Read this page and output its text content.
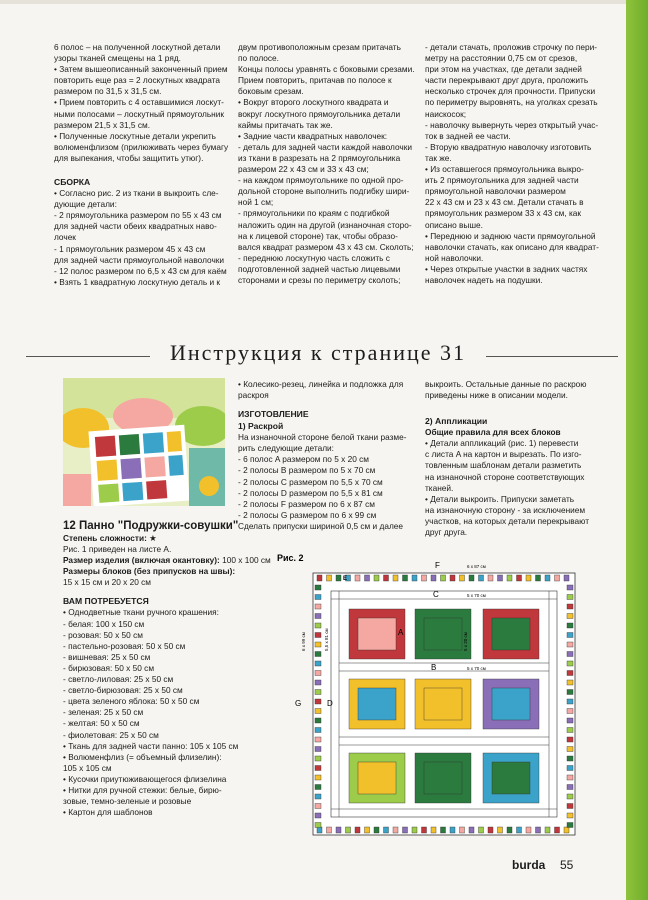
6 полос – на полученной лоскутной детали

узоры тканей смещены на 1 ряд.

• Затем вышеописанный законченный прием

повторить еще раз = 2 лоскутных квадрата

размером по 31,5 x 31,5 см.

• Прием повторить с 4 оставшимися лоскут-

ными полосами – лоскутный прямоугольник

размером 21,5 x 31,5 см.

• Полученные лоскутные детали укрепить

волюменфлизом (прилюживать через бумагу

для выпекания, чтобы защитить утюг).

СБОРКА

• Согласно рис. 2 из ткани в выкроить сле-

дующие детали:

- 2 прямоугольника размером по 55 x 43 см

для задней части обеих квадратных наво-

лочек

- 1 прямоугольник размером 45 x 43 см

для задней части прямоугольной наволочки

- 12 полос размером по 6,5 x 43 см для каём

• Взять 1 квадратную лоскутную деталь и к

двум противоположным срезам притачать

по полосе.

Концы полосы уравнять с боковыми срезами.

Прием повторить, притачав по полосе к

боковым срезам.

• Вокруг второго лоскутного квадрата и

вокруг лоскутного прямоугольника детали

каймы притачать так же.

• Задние части квадратных наволочек:

- деталь для задней части каждой наволочки

из ткани в разрезать на 2 прямоугольника

размером 22 x 43 см и 33 x 43 см;

- на каждом прямоугольнике по одной про-

дольной стороне выполнить подгибку шири-

ной 1 см;

- прямоугольники по краям с подгибкой

наложить один на другой (изнаночная сторо-

на к лицевой стороне) так, чтобы образо-

вался квадрат размером 43 x 43 см. Сколоть;

- переднюю лоскутную часть сложить с

подготовленной задней частью лицевыми

сторонами и срезы по периметру сколоть;

- детали стачать, проложив строчку по пери-

метру на расстоянии 0,75 см от срезов,

при этом на участках, где детали задней

части перекрывают друг друга, проложить

несколько строчек для прочности. Припуски

по периметру выровнять, на уголках срезать

наискосок;

- наволочку вывернуть через открытый учас-

ток в задней ее части.

- Вторую квадратную наволочку изготовить

так же.

• Из оставшегося прямоугольника выкро-

ить 2 прямоугольника для задней части

прямоугольной наволочки размером

22 x 43 см и 23 x 43 см. Детали стачать в

прямоугольник размером 33 x 43 см, как

описано выше.

• Переднюю и заднюю части прямоугольной

наволочки стачать, как описано для квадрат-

ной наволочки.

• Через открытые участки в задних частях

наволочек надеть на подушки.

Инструкция к странице 31

12 Панно "Подружки-совушки"

Степень сложности: ★

Рис. 1 приведен на листе А.

Размер изделия (включая окантовку): 100 x 100 см

Размеры блоков (без припусков на швы):

15 x 15 см и 20 x 20 см

ВАМ ПОТРЕБУЕТСЯ

• Однодветные ткани ручного крашения:

- белая: 100 x 150 см

- розовая: 50 x 50 см

- пастельно-розовая: 50 x 50 см

- вишневая: 25 x 50 см

- бирюзовая: 50 x 50 см

- светло-лиловая: 25 x 50 см

- светло-бирюзовая: 25 x 50 см

- цвета зеленого яблока: 50 x 50 см

- зеленая: 25 x 50 см

- желтая: 50 x 50 см

- фиолетовая: 25 x 50 см

• Ткань для задней части панно: 105 x 105 см

• Волюменфлиз (= объемный флизелин):

105 x 105 см

• Кусочки приутюживающегося флизелина

• Нитки для ручной стежки: белые, бирю-

зовые, темно-зеленые и розовые

• Картон для шаблонов

• Колесико-резец, линейка и подложка для

раскроя

ИЗГОТОВЛЕНИЕ

1) Раскрой

На изнаночной стороне белой ткани разме-

рить следующие детали:

- 6 полос A размером по 5 x 20 см

- 2 полосы B размером по 5 x 70 см

- 2 полосы C размером по 5,5 x 70 см

- 2 полосы D размером по 5,5 x 81 см

- 2 полосы F размером по 6 x 87 см

- 2 полосы G размером по 6 x 99 см

Сделать припуски шириной 0,5 см и далее

выкроить. Остальные данные по раскрою

приведены ниже в описании модели.

2) Аппликации

Общие правила для всех блоков

• Детали аппликаций (рис. 1) перевести

с листа A на картон и вырезать. По изго-

товленным шаблонам детали разметить

на изнаночной стороне соответствующих

тканей.

• Детали выкроить. Припуски заметать

на изнаночную сторону - за исключением

участков, на которых детали перекрывают

друг друга.

Рис. 2
F	6 x 87 см
E
C	5 x 70 см
A
B	5 x 70 см
D
G
6 x 99 см	5,5 x 81 см	5 x 20 см
burda 55
